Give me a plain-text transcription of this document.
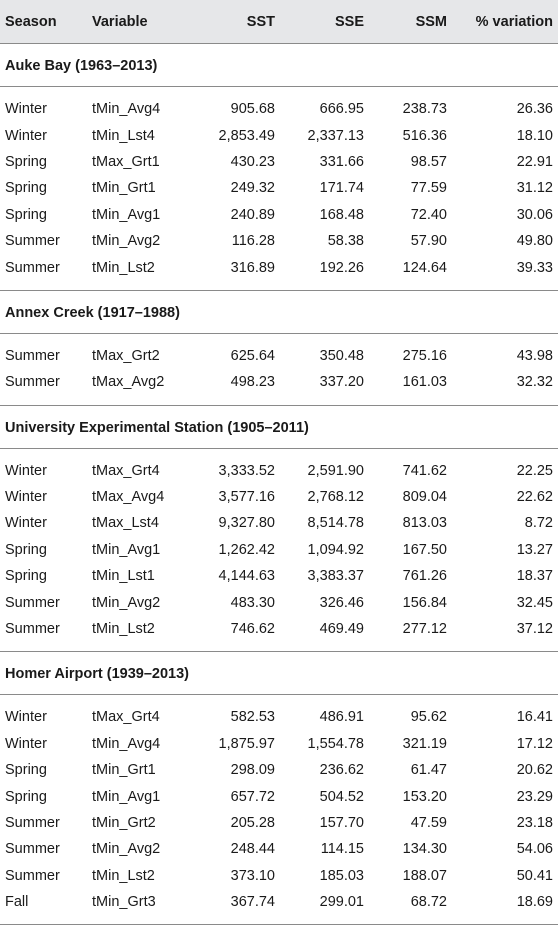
Season	Variable	SST	SSE	SSM	% variation
Auke Bay (1963–2013)					

Winter	tMin_Avg4	905.68	666.95	238.73	26.36
Winter	tMin_Lst4	2,853.49	2,337.13	516.36	18.10
Spring	tMax_Grt1	430.23	331.66	98.57	22.91
Spring	tMin_Grt1	249.32	171.74	77.59	31.12
Spring	tMin_Avg1	240.89	168.48	72.40	30.06
Summer	tMin_Avg2	116.28	58.38	57.90	49.80
Summer	tMin_Lst2	316.89	192.26	124.64	39.33

Annex Creek (1917–1988)					

Summer	tMax_Grt2	625.64	350.48	275.16	43.98
Summer	tMax_Avg2	498.23	337.20	161.03	32.32

University Experimental Station (1905–2011)					

Winter	tMax_Grt4	3,333.52	2,591.90	741.62	22.25
Winter	tMax_Avg4	3,577.16	2,768.12	809.04	22.62
Winter	tMax_Lst4	9,327.80	8,514.78	813.03	8.72
Spring	tMin_Avg1	1,262.42	1,094.92	167.50	13.27
Spring	tMin_Lst1	4,144.63	3,383.37	761.26	18.37
Summer	tMin_Avg2	483.30	326.46	156.84	32.45
Summer	tMin_Lst2	746.62	469.49	277.12	37.12

Homer Airport (1939–2013)					

Winter	tMax_Grt4	582.53	486.91	95.62	16.41
Winter	tMin_Avg4	1,875.97	1,554.78	321.19	17.12
Spring	tMin_Grt1	298.09	236.62	61.47	20.62
Spring	tMin_Avg1	657.72	504.52	153.20	23.29
Summer	tMin_Grt2	205.28	157.70	47.59	23.18
Summer	tMin_Avg2	248.44	114.15	134.30	54.06
Summer	tMin_Lst2	373.10	185.03	188.07	50.41
Fall	tMin_Grt3	367.74	299.01	68.72	18.69
